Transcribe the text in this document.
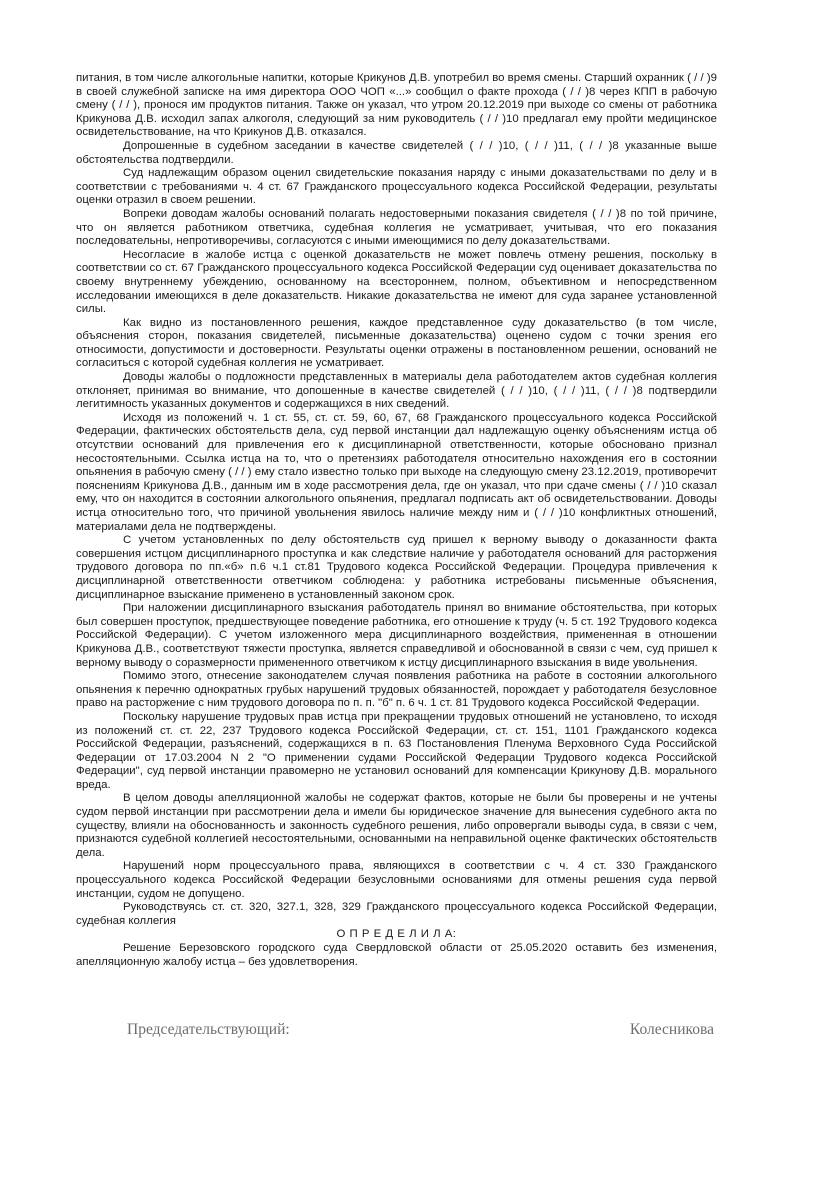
питания, в том числе алкогольные напитки, которые Крикунов Д.В. употребил во время смены. Старший охранник ( / / )9 в своей служебной записке на имя директора ООО ЧОП «...» сообщил о факте прохода ( / / )8 через КПП в рабочую смену ( / / ), пронося им продуктов питания. Также он указал, что утром 20.12.2019 при выходе со смены от работника Крикунова Д.В. исходил запах алкоголя, следующий за ним руководитель ( / / )10 предлагал ему пройти медицинское освидетельствование, на что Крикунов Д.В. отказался.

Допрошенные в судебном заседании в качестве свидетелей ( / / )10, ( / / )11, ( / / )8 указанные выше обстоятельства подтвердили.

Суд надлежащим образом оценил свидетельские показания наряду с иными доказательствами по делу и в соответствии с требованиями ч. 4 ст. 67 Гражданского процессуального кодекса Российской Федерации, результаты оценки отразил в своем решении.

Вопреки доводам жалобы оснований полагать недостоверными показания свидетеля ( / / )8 по той причине, что он является работником ответчика, судебная коллегия не усматривает, учитывая, что его показания последовательны, непротиворечивы, согласуются с иными имеющимися по делу доказательствами.

Несогласие в жалобе истца с оценкой доказательств не может повлечь отмену решения, поскольку в соответствии со ст. 67 Гражданского процессуального кодекса Российской Федерации суд оценивает доказательства по своему внутреннему убеждению, основанному на всестороннем, полном, объективном и непосредственном исследовании имеющихся в деле доказательств. Никакие доказательства не имеют для суда заранее установленной силы.

Как видно из постановленного решения, каждое представленное суду доказательство (в том числе, объяснения сторон, показания свидетелей, письменные доказательства) оценено судом с точки зрения его относимости, допустимости и достоверности. Результаты оценки отражены в постановленном решении, оснований не согласиться с которой судебная коллегия не усматривает.

Доводы жалобы о подложности представленных в материалы дела работодателем актов судебная коллегия отклоняет, принимая во внимание, что допошенные в качестве свидетелей ( / / )10, ( / / )11, ( / / )8 подтвердили легитимность указанных документов и содержащихся в них сведений.

Исходя из положений ч. 1 ст. 55, ст. ст. 59, 60, 67, 68 Гражданского процессуального кодекса Российской Федерации, фактических обстоятельств дела, суд первой инстанции дал надлежащую оценку объяснениям истца об отсутствии оснований для привлечения его к дисциплинарной ответственности, которые обосновано признал несостоятельными. Ссылка истца на то, что о претензиях работодателя относительно нахождения его в состоянии опьянения в рабочую смену ( / / ) ему стало известно только при выходе на следующую смену 23.12.2019, противоречит пояснениям Крикунова Д.В., данным им в ходе рассмотрения дела, где он указал, что при сдаче смены ( / / )10 сказал ему, что он находится в состоянии алкогольного опьянения, предлагал подписать акт об освидетельствовании. Доводы истца относительно того, что причиной увольнения явилось наличие между ним и ( / / )10 конфликтных отношений, материалами дела не подтверждены.

С учетом установленных по делу обстоятельств суд пришел к верному выводу о доказанности факта совершения истцом дисциплинарного проступка и как следствие наличие у работодателя оснований для расторжения трудового договора по пп.«б» п.6 ч.1 ст.81 Трудового кодекса Российской Федерации. Процедура привлечения к дисциплинарной ответственности ответчиком соблюдена: у работника истребованы письменные объяснения, дисциплинарное взыскание применено в установленный законом срок.

При наложении дисциплинарного взыскания работодатель принял во внимание обстоятельства, при которых был совершен проступок, предшествующее поведение работника, его отношение к труду (ч. 5 ст. 192 Трудового кодекса Российской Федерации). С учетом изложенного мера дисциплинарного воздействия, примененная в отношении Крикунова Д.В., соответствуют тяжести проступка, является справедливой и обоснованной в связи с чем, суд пришел к верному выводу о соразмерности примененного ответчиком к истцу дисциплинарного взыскания в виде увольнения.

Помимо этого, отнесение законодателем случая появления работника на работе в состоянии алкогольного опьянения к перечню однократных грубых нарушений трудовых обязанностей, порождает у работодателя безусловное право на расторжение с ним трудового договора по п. п. "б" п. 6 ч. 1 ст. 81 Трудового кодекса Российской Федерации.

Поскольку нарушение трудовых прав истца при прекращении трудовых отношений не установлено, то исходя из положений ст. ст. 22, 237 Трудового кодекса Российской Федерации, ст. ст. 151, 1101 Гражданского кодекса Российской Федерации, разъяснений, содержащихся в п. 63 Постановления Пленума Верховного Суда Российской Федерации от 17.03.2004 N 2 "О применении судами Российской Федерации Трудового кодекса Российской Федерации", суд первой инстанции правомерно не установил оснований для компенсации Крикунову Д.В. морального вреда.

В целом доводы апелляционной жалобы не содержат фактов, которые не были бы проверены и не учтены судом первой инстанции при рассмотрении дела и имели бы юридическое значение для вынесения судебного акта по существу, влияли на обоснованность и законность судебного решения, либо опровергали выводы суда, в связи с чем, признаются судебной коллегией несостоятельными, основанными на неправильной оценке фактических обстоятельств дела.

Нарушений норм процессуального права, являющихся в соответствии с ч. 4 ст. 330 Гражданского процессуального кодекса Российской Федерации безусловными основаниями для отмены решения суда первой инстанции, судом не допущено.

Руководствуясь ст. ст. 320, 327.1, 328, 329 Гражданского процессуального кодекса Российской Федерации, судебная коллегия

О П Р Е Д Е Л И Л А:

Решение Березовского городского суда Свердловской области от 25.05.2020 оставить без изменения, апелляционную жалобу истца – без удовлетворения.

Председательствующий:	Колесникова
